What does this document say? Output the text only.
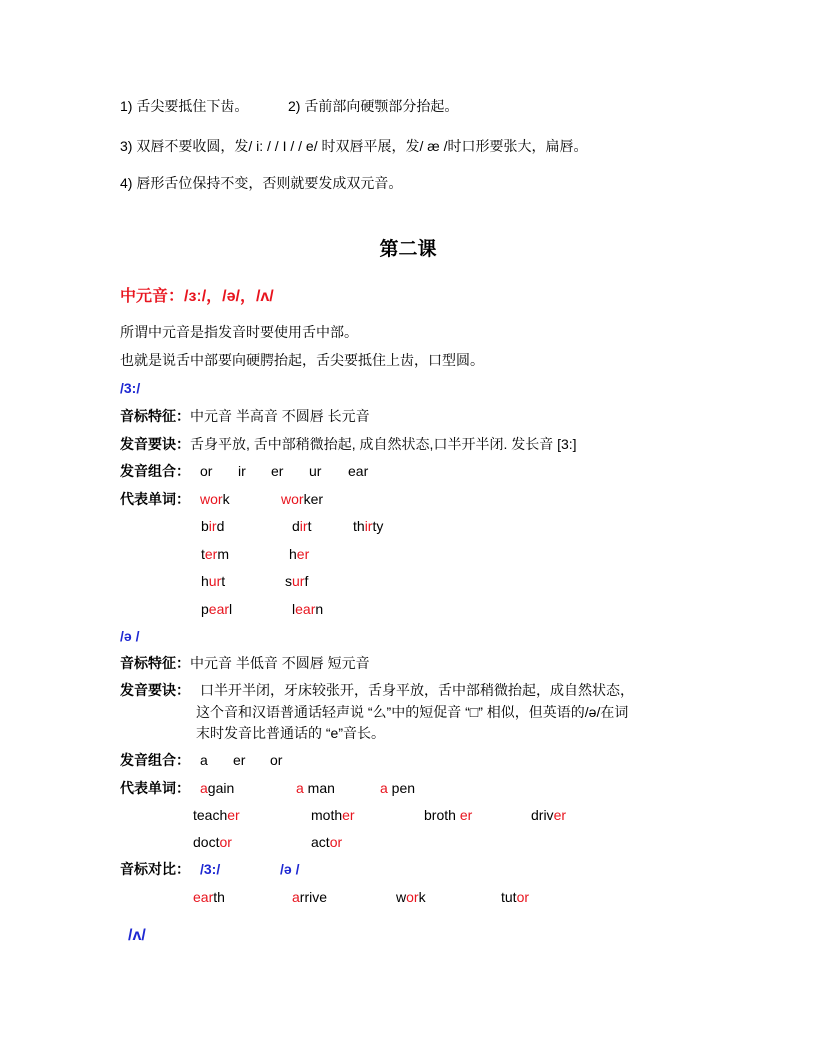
1) 舌尖要抵住下齿。	2) 舌前部向硬颚部分抬起。
3) 双唇不要收圆，发/ i: / / I / / e/ 时双唇平展，发/ æ /时口形要张大，扁唇。
4) 唇形舌位保持不变，否则就要发成双元音。
第二课
中元音：/ɜː/，/ə/，/ʌ/
所谓中元音是指发音时要使用舌中部。
也就是说舌中部要向硬腭抬起，舌尖要抵住上齿，口型圆。
/3:/
音标特征：中元音 半高音 不圆唇 长元音
发音要诀：舌身平放, 舌中部稍微抬起, 成自然状态,口半开半闭. 发长音 [3:]
发音组合： or ir er ur ear
代表单词： work	worker
bird	dirt	thirty
term	her
hurt	surf
pearl	learn
/ə /
音标特征：中元音 半低音 不圆唇 短元音
发音要诀： 口半开半闭，牙床较张开，舌身平放，舌中部稍微抬起，成自然状态，
这个音和汉语普通话轻声说 “么”中的短促音 “□” 相似，但英语的/ə/在词
末时发音比普通话的 “e”音长。
发音组合： a er or
代表单词： again	a man	a pen
teacher	mother	broth er	driver
doctor	actor
音标对比： /3:/	/ə /
earth	arrive	work	tutor
/ʌ/
